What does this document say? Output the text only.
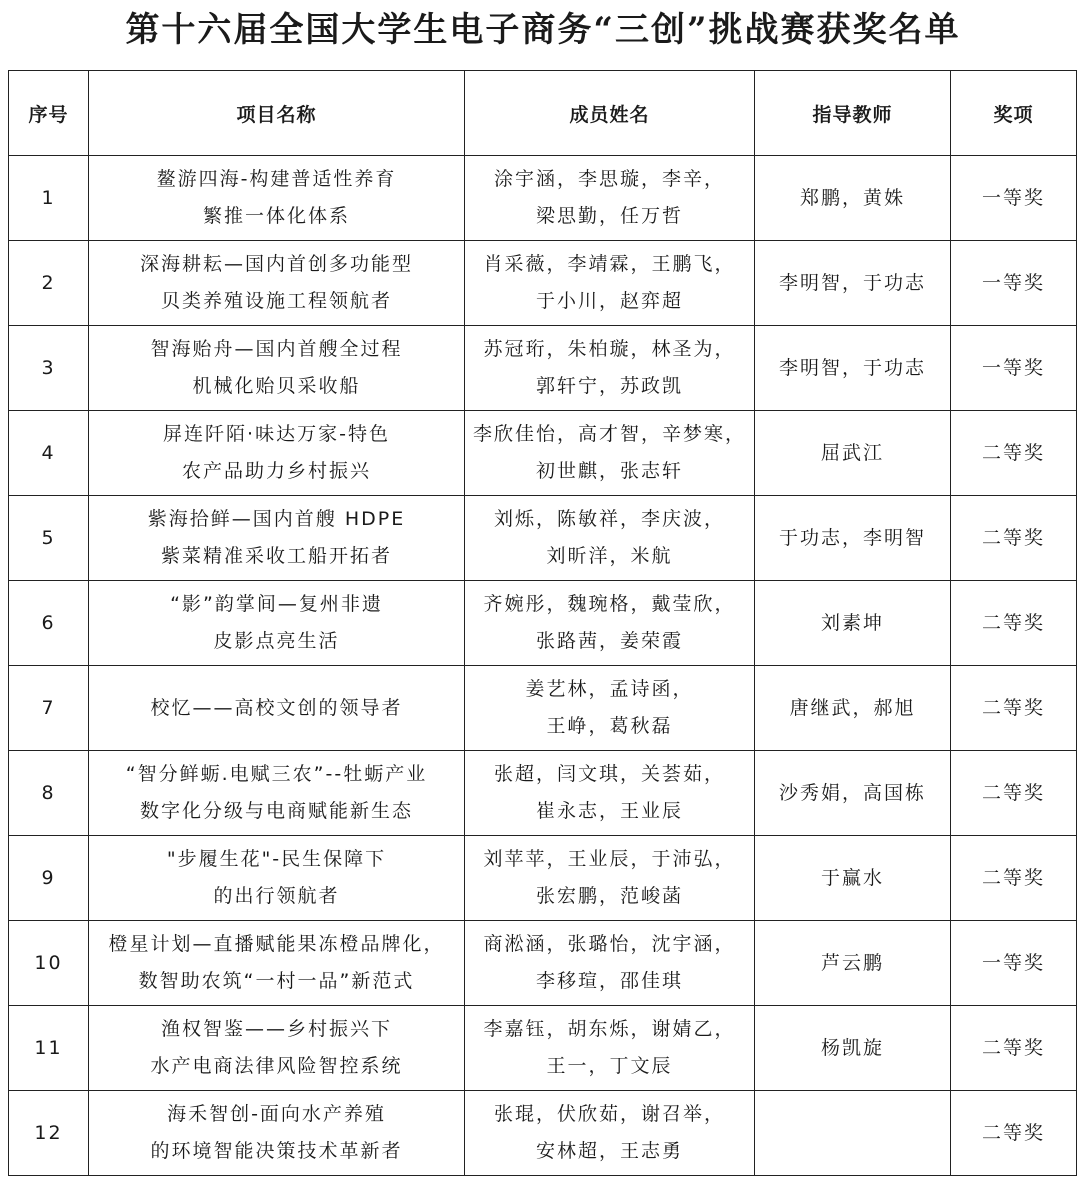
第十六届全国大学生电子商务“三创”挑战赛获奖名单
序号	项目名称	成员姓名	指导教师	奖项
1	鳌游四海-构建普适性养育
繁推一体化体系	涂宇涵，李思璇，李辛，
梁思勤，任万哲	郑鹏，黄姝	一等奖
2	深海耕耘—国内首创多功能型
贝类养殖设施工程领航者	肖采薇，李靖霖，王鹏飞，
于小川，赵弈超	李明智，于功志	一等奖
3	智海贻舟—国内首艘全过程
机械化贻贝采收船	苏冠珩，朱柏璇，林圣为，
郭轩宁，苏政凯	李明智，于功志	一等奖
4	屏连阡陌·味达万家-特色
农产品助力乡村振兴	李欣佳怡，高才智，辛梦寒，
初世麒，张志轩	屈武江	二等奖
5	紫海拾鲜—国内首艘 HDPE
紫菜精准采收工船开拓者	刘烁，陈敏祥，李庆波，
刘昕洋，米航	于功志，李明智	二等奖
6	“影”韵掌间—复州非遗
皮影点亮生活	齐婉彤，魏琬格，戴莹欣，
张路茜，姜荣霞	刘素坤	二等奖
7	校忆——高校文创的领导者	姜艺林，孟诗函，
王峥，葛秋磊	唐继武，郝旭	二等奖
8	“智分鲜蛎.电赋三农”--牡蛎产业
数字化分级与电商赋能新生态	张超，闫文琪，关荟茹，
崔永志，王业辰	沙秀娟，高国栋	二等奖
9	"步履生花"-民生保障下
的出行领航者	刘苹苹，王业辰，于沛弘，
张宏鹏，范峻菡	于赢水	二等奖
10	橙星计划—直播赋能果冻橙品牌化，
数智助农筑“一村一品”新范式	商淞涵，张璐怡，沈宇涵，
李移瑄，邵佳琪	芦云鹏	一等奖
11	渔权智鉴——乡村振兴下
水产电商法律风险智控系统	李嘉钰，胡东烁，谢婧乙，
王一，丁文辰	杨凯旋	二等奖
12	海禾智创-面向水产养殖
的环境智能决策技术革新者	张琨，伏欣茹，谢召举，
安林超，王志勇		二等奖
